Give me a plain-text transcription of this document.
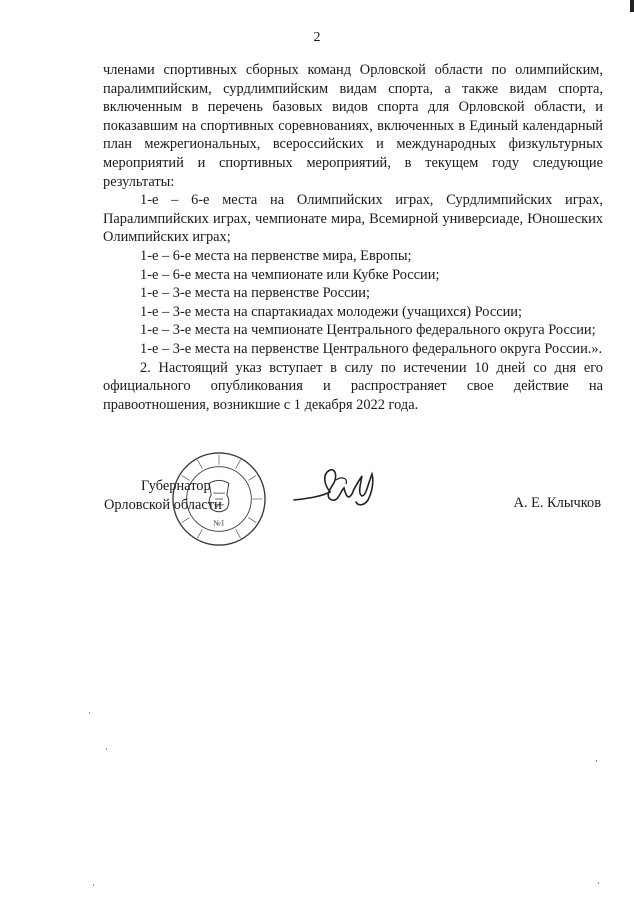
2

членами спортивных сборных команд Орловской области по олимпийским, паралимпийским, сурдлимпийским видам спорта, а также видам спорта, включенным в перечень базовых видов спорта для Орловской области, и показавшим на спортивных соревнованиях, включенных в Единый календарный план межрегиональных, всероссийских и международных физкультурных мероприятий и спортивных мероприятий, в текущем году следующие результаты:

1-е – 6-е места на Олимпийских играх, Сурдлимпийских играх, Паралимпийских играх, чемпионате мира, Всемирной универсиаде, Юношеских Олимпийских играх;

1-е – 6-е места на первенстве мира, Европы;

1-е – 6-е места на чемпионате или Кубке России;

1-е – 3-е места на первенстве России;

1-е – 3-е места на спартакиадах молодежи (учащихся) России;

1-е – 3-е места на чемпионате Центрального федерального округа России;

1-е – 3-е места на первенстве Центрального федерального округа России.».

2. Настоящий указ вступает в силу по истечении 10 дней со дня его официального опубликования и распространяет свое действие на правоотношения, возникшие с 1 декабря 2022 года.

№1
Губернатор
Орловской области	А. Е. Клычков
